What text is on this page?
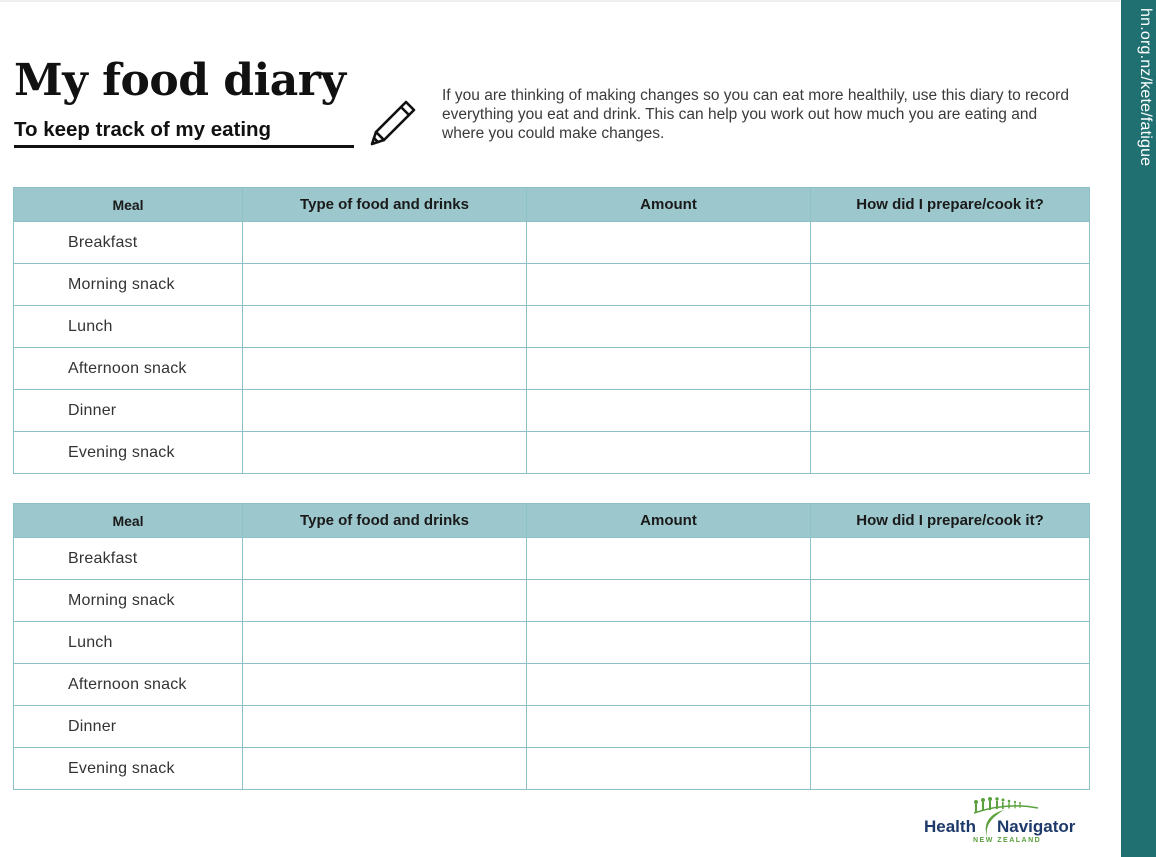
My food diary
To keep track of my eating

If you are thinking of making changes so you can eat more healthily, use this diary to record everything you eat and drink. This can help you work out how much you are eating and where you could make changes.	hn.org.nz/kete/fatigue
Meal	Type of food and drinks	Amount	How did I prepare/cook it?
Breakfast			
Morning snack			
Lunch			
Afternoon snack			
Dinner			
Evening snack			
Meal	Type of food and drinks	Amount	How did I prepare/cook it?
Breakfast			
Morning snack			
Lunch			
Afternoon snack			
Dinner			
Evening snack			
Health Navigator
NEW ZEALAND
